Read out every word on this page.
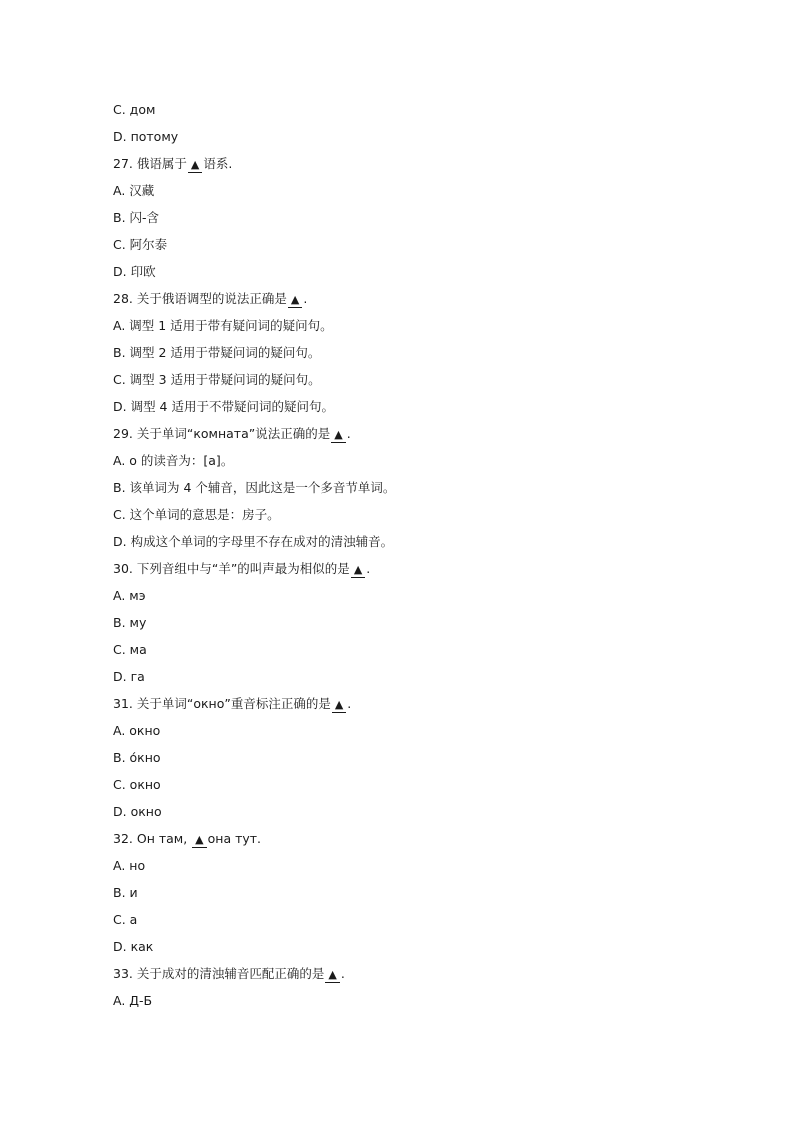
C. дом
D. потому
27. 俄语属于 ▲ 语系.
A. 汉藏
B. 闪-含
C. 阿尔泰
D. 印欧
28. 关于俄语调型的说法正确是 ▲ .
A. 调型 1 适用于带有疑问词的疑问句。
B. 调型 2 适用于带疑问词的疑问句。
C. 调型 3 适用于带疑问词的疑问句。
D. 调型 4 适用于不带疑问词的疑问句。
29. 关于单词“комната”说法正确的是 ▲ .
A. о 的读音为：[a]。
B. 该单词为 4 个辅音，因此这是一个多音节单词。
C. 这个单词的意思是：房子。
D. 构成这个单词的字母里不存在成对的清浊辅音。
30. 下列音组中与“羊”的叫声最为相似的是 ▲ .
A. мэ
B. му
C. ма
D. га
31. 关于单词“окно”重音标注正确的是 ▲ .
A. окно
B. о́кно
C. окно
D. окно
32. Он там, ▲ она тут.
A. но
B. и
C. а
D. как
33. 关于成对的清浊辅音匹配正确的是 ▲ .
A. Д-Б
